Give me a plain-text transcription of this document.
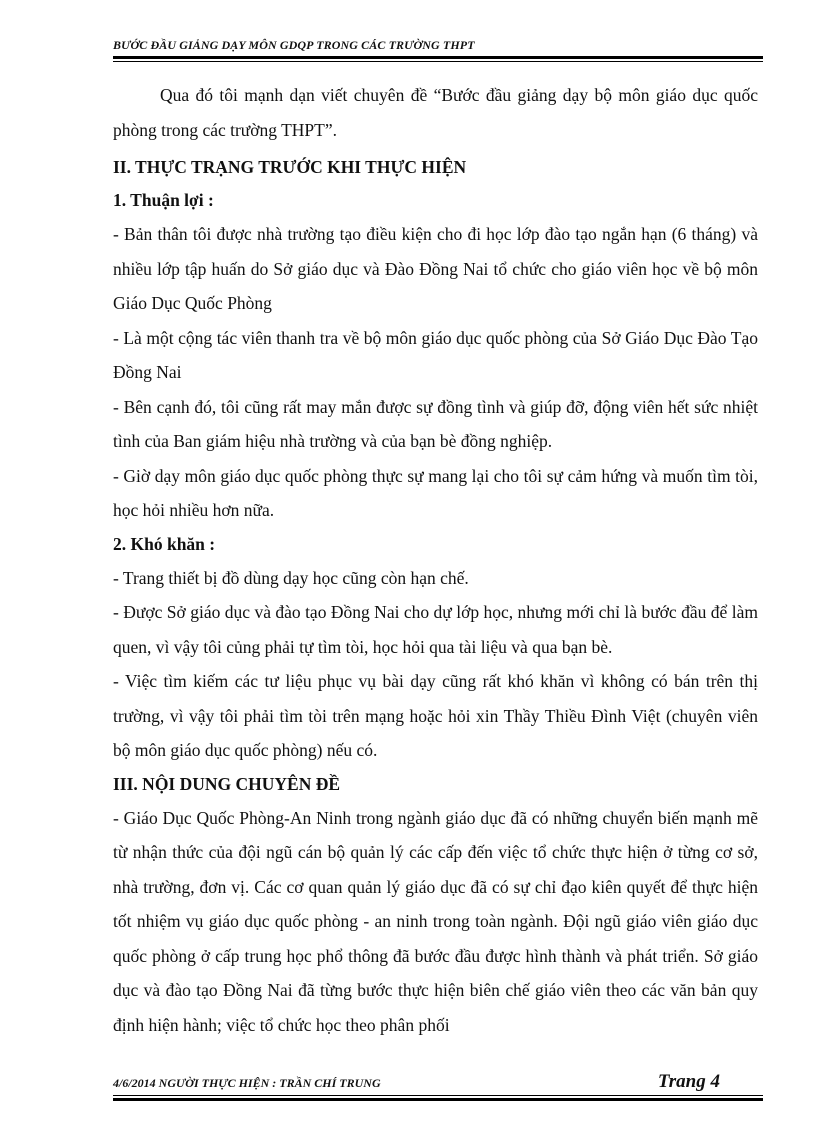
BƯỚC ĐẦU GIẢNG DẠY MÔN GDQP TRONG CÁC TRƯỜNG THPT

Qua đó tôi mạnh dạn viết chuyên đề “Bước đầu giảng dạy bộ môn giáo dục quốc phòng trong các trường THPT”.

II. THỰC TRẠNG TRƯỚC KHI THỰC HIỆN

1. Thuận lợi :

- Bản thân tôi được nhà trường tạo điều kiện cho đi học lớp đào tạo ngắn hạn (6 tháng) và nhiều lớp tập huấn do Sở giáo dục và Đào Đồng Nai tổ chức cho giáo viên học về bộ môn Giáo Dục Quốc Phòng

- Là một cộng tác viên thanh tra về bộ môn giáo dục quốc phòng của Sở Giáo Dục Đào Tạo Đồng Nai

- Bên cạnh đó, tôi cũng rất may mắn được sự đồng tình và giúp đỡ, động viên hết sức nhiệt tình của Ban giám hiệu nhà trường và của bạn bè đồng nghiệp.

- Giờ dạy môn giáo dục quốc phòng thực sự mang lại cho tôi sự cảm hứng và muốn tìm tòi, học hỏi nhiều hơn nữa.

2. Khó khăn :

- Trang thiết bị đồ dùng dạy học cũng còn hạn chế.

- Được Sở giáo dục và đào tạo Đồng Nai cho dự lớp học, nhưng mới chỉ là bước đầu để làm quen, vì vậy tôi củng phải tự tìm tòi, học hỏi qua tài liệu và qua bạn bè.

- Việc tìm kiếm các tư liệu phục vụ bài dạy cũng rất khó khăn vì không có bán trên thị trường, vì vậy tôi phải tìm tòi trên mạng hoặc hỏi xin Thầy Thiều Đình Việt (chuyên viên bộ môn giáo dục quốc phòng) nếu có.

III. NỘI DUNG CHUYÊN ĐỀ

- Giáo Dục Quốc Phòng-An Ninh trong ngành giáo dục đã có những chuyển biến mạnh mẽ từ nhận thức của đội ngũ cán bộ quản lý các cấp đến việc tổ chức thực hiện ở từng cơ sở, nhà trường, đơn vị. Các cơ quan quản lý giáo dục đã có sự chỉ đạo kiên quyết để thực hiện tốt nhiệm vụ giáo dục quốc phòng - an ninh trong toàn ngành. Đội ngũ giáo viên giáo dục quốc phòng ở cấp trung học phổ thông đã bước đầu được hình thành và phát triển. Sở giáo dục và đào tạo Đồng Nai đã từng bước thực hiện biên chế giáo viên theo các văn bản quy định hiện hành; việc tổ chức học theo phân phối

4/6/2014 NGƯỜI THỰC HIỆN : TRẦN CHÍ TRUNG	Trang 4
